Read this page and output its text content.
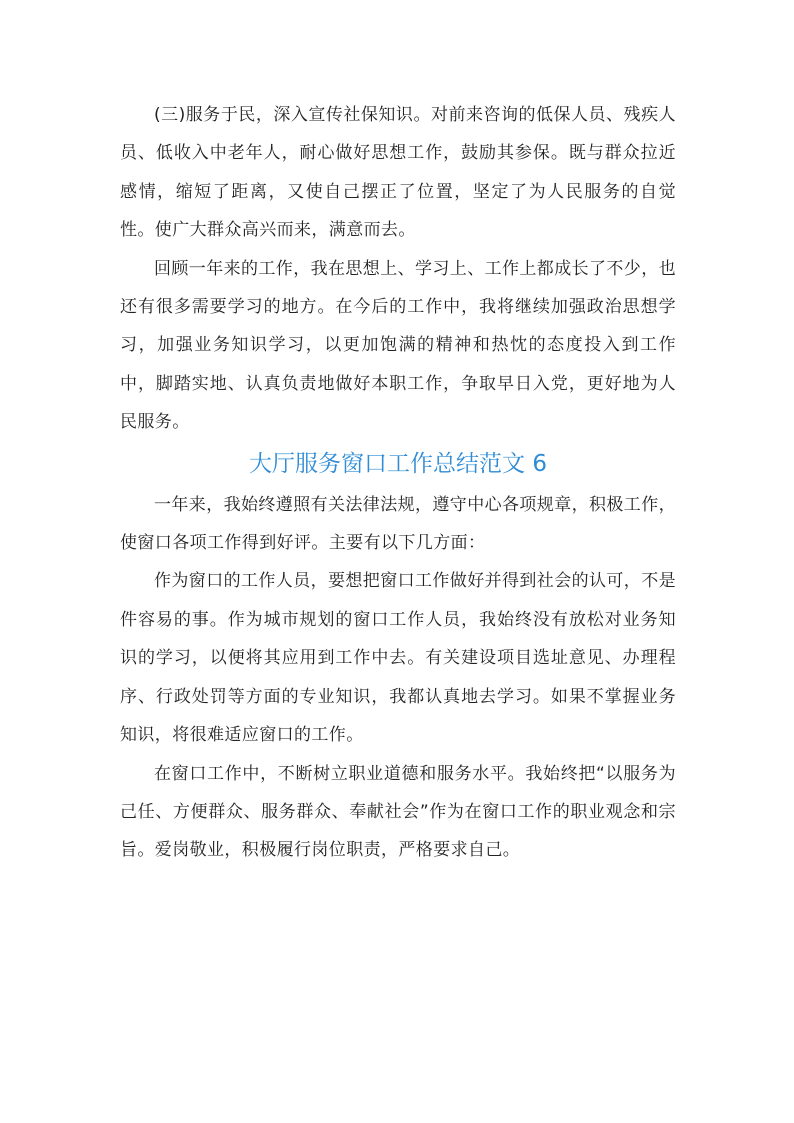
(三)服务于民，深入宣传社保知识。对前来咨询的低保人员、残疾人员、低收入中老年人，耐心做好思想工作，鼓励其参保。既与群众拉近感情，缩短了距离，又使自己摆正了位置，坚定了为人民服务的自觉性。使广大群众高兴而来，满意而去。

回顾一年来的工作，我在思想上、学习上、工作上都成长了不少，也还有很多需要学习的地方。在今后的工作中，我将继续加强政治思想学习，加强业务知识学习，以更加饱满的精神和热忱的态度投入到工作中，脚踏实地、认真负责地做好本职工作，争取早日入党，更好地为人民服务。

大厅服务窗口工作总结范文 6

一年来，我始终遵照有关法律法规，遵守中心各项规章，积极工作，使窗口各项工作得到好评。主要有以下几方面：

作为窗口的工作人员，要想把窗口工作做好并得到社会的认可，不是件容易的事。作为城市规划的窗口工作人员，我始终没有放松对业务知识的学习，以便将其应用到工作中去。有关建设项目选址意见、办理程序、行政处罚等方面的专业知识，我都认真地去学习。如果不掌握业务知识，将很难适应窗口的工作。

在窗口工作中，不断树立职业道德和服务水平。我始终把“以服务为己任、方便群众、服务群众、奉献社会”作为在窗口工作的职业观念和宗旨。爱岗敬业，积极履行岗位职责，严格要求自己。
